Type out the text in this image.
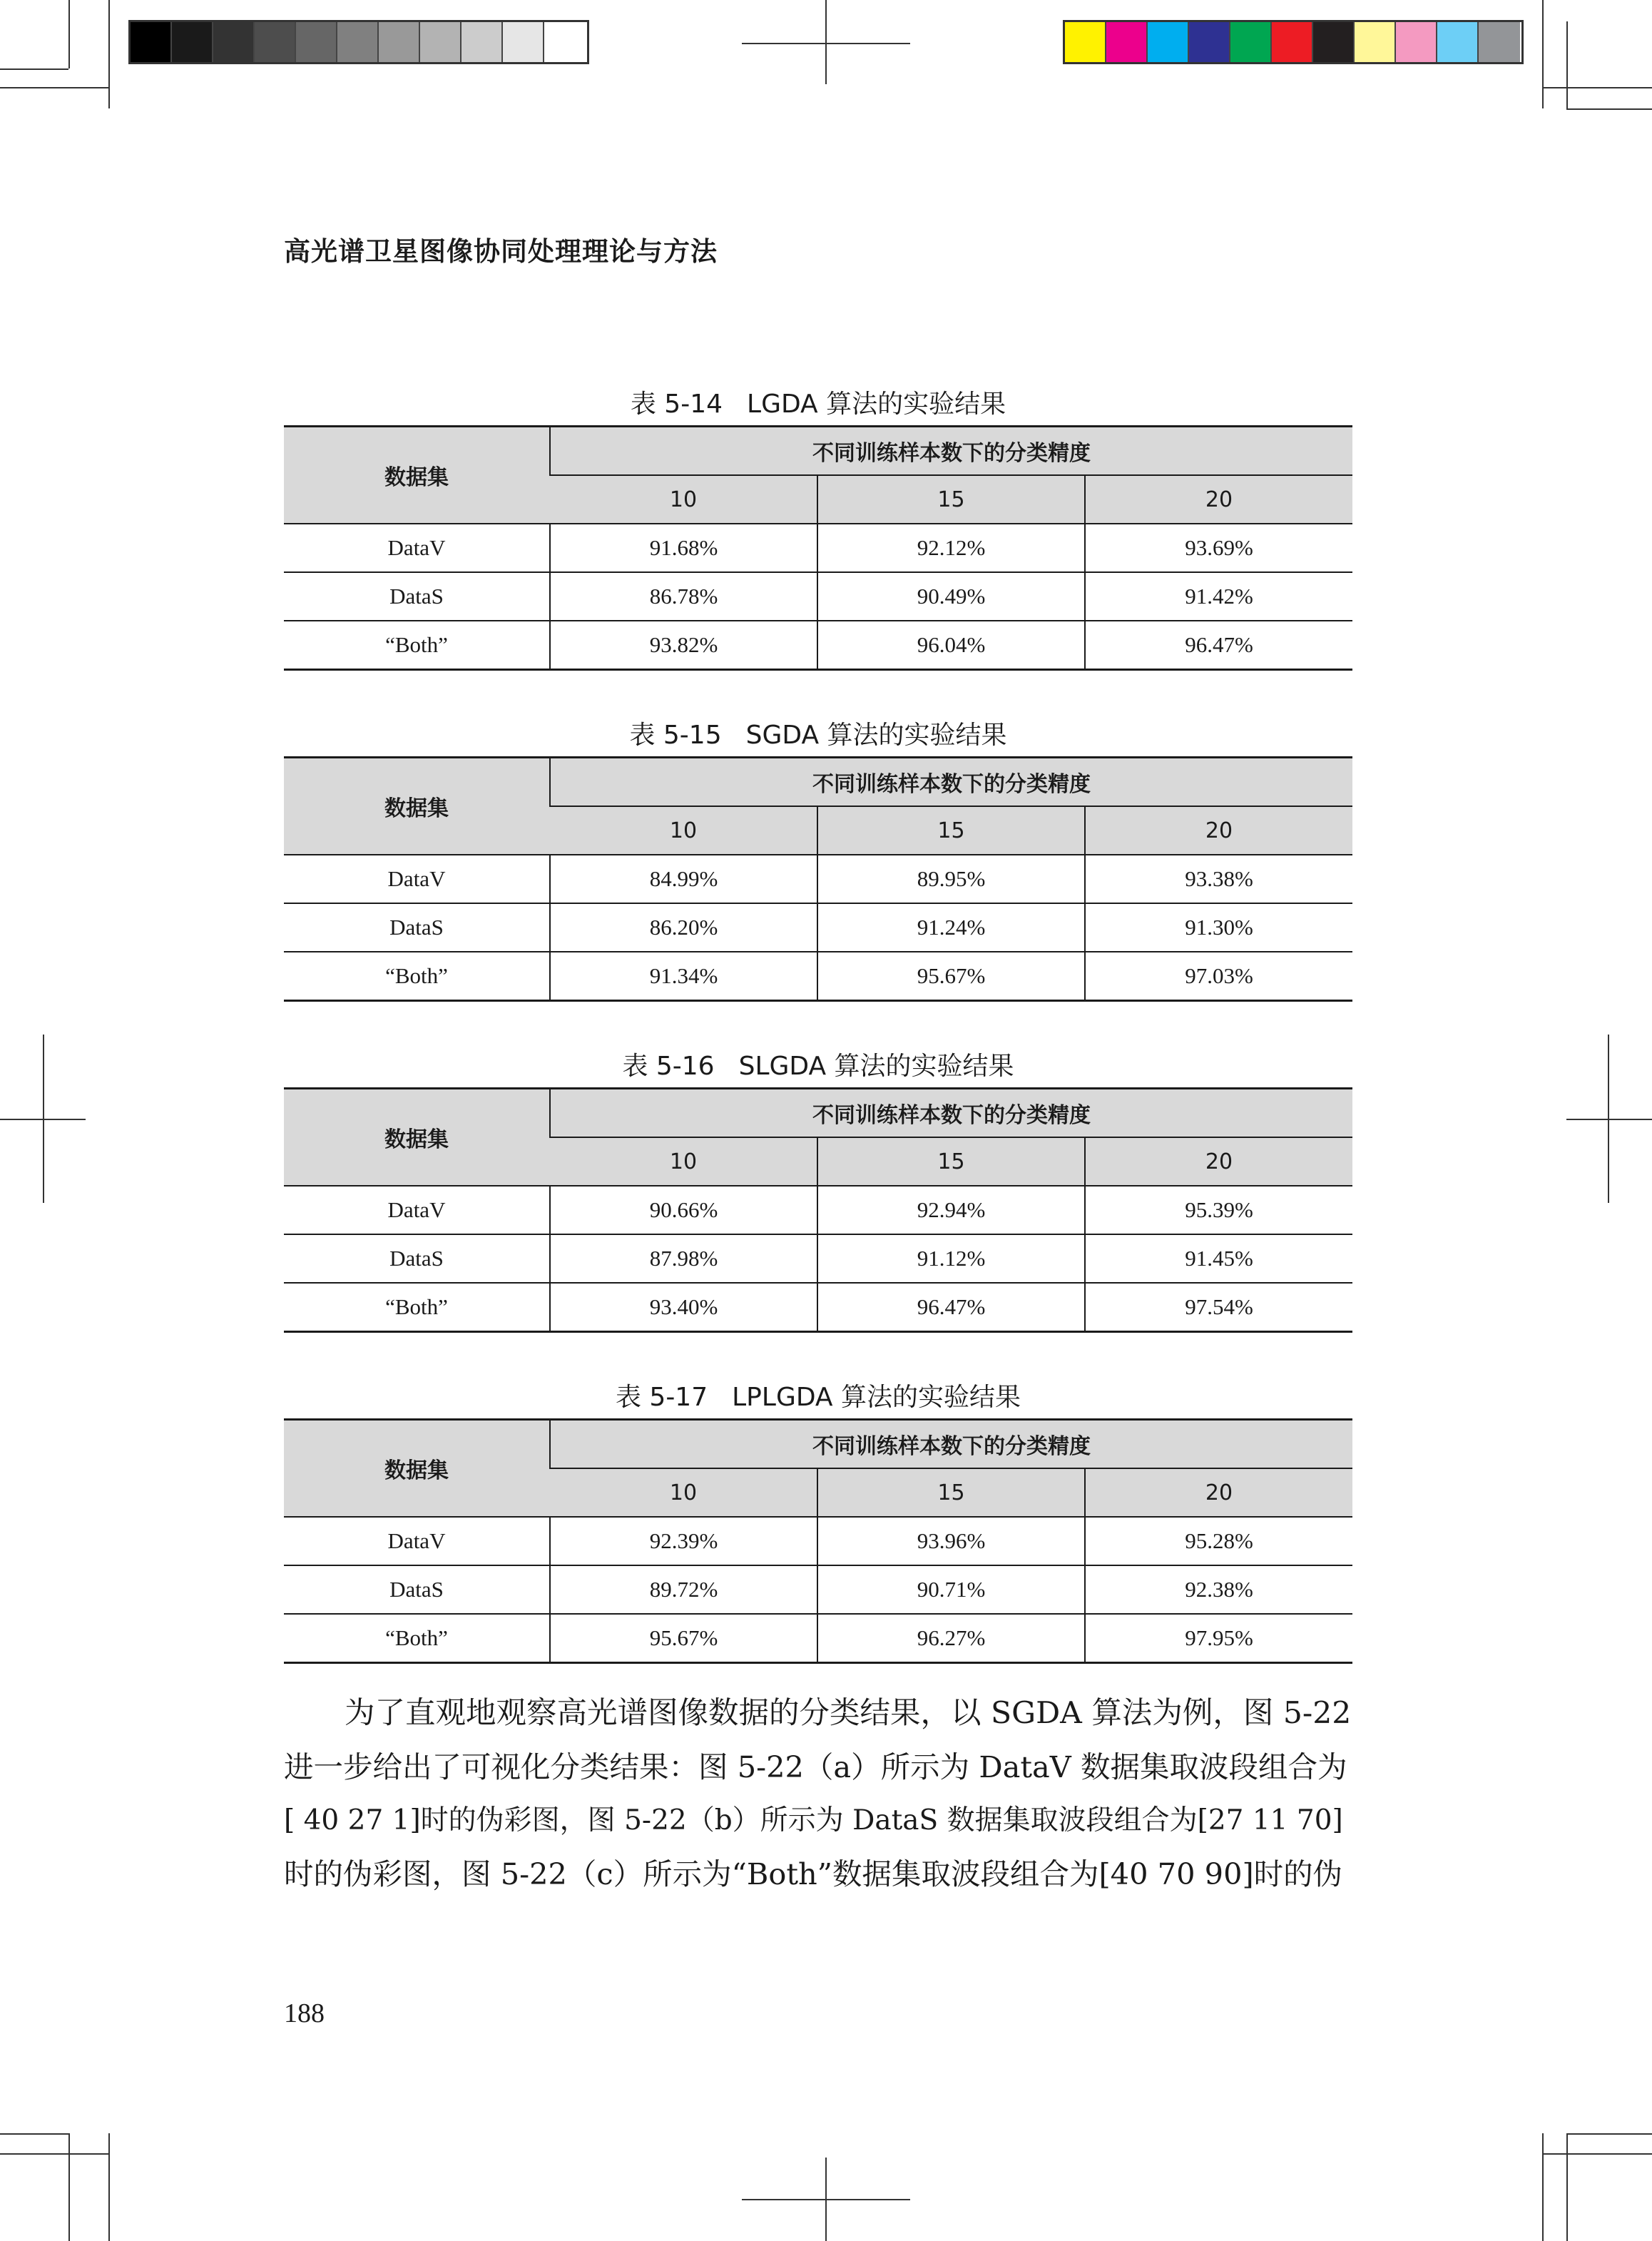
高光谱卫星图像协同处理理论与方法
表 5-14 LGDA 算法的实验结果
数据集	不同训练样本数下的分类精度		
	10	15	20
DataV	91.68%	92.12%	93.69%
DataS	86.78%	90.49%	91.42%
“Both”	93.82%	96.04%	96.47%
表 5-15 SGDA 算法的实验结果
数据集	不同训练样本数下的分类精度		
	10	15	20
DataV	84.99%	89.95%	93.38%
DataS	86.20%	91.24%	91.30%
“Both”	91.34%	95.67%	97.03%
表 5-16 SLGDA 算法的实验结果
数据集	不同训练样本数下的分类精度		
	10	15	20
DataV	90.66%	92.94%	95.39%
DataS	87.98%	91.12%	91.45%
“Both”	93.40%	96.47%	97.54%
表 5-17 LPLGDA 算法的实验结果
数据集	不同训练样本数下的分类精度		
	10	15	20
DataV	92.39%	93.96%	95.28%
DataS	89.72%	90.71%	92.38%
“Both”	95.67%	96.27%	97.95%

　　为了直观地观察高光谱图像数据的分类结果，以 SGDA 算法为例，图 5-22

进一步给出了可视化分类结果：图 5-22（a）所示为 DataV 数据集取波段组合为

[ 40 27 1]时的伪彩图，图 5-22（b）所示为 DataS 数据集取波段组合为[27 11 70]

时的伪彩图，图 5-22（c）所示为“Both”数据集取波段组合为[40 70 90]时的伪

188
